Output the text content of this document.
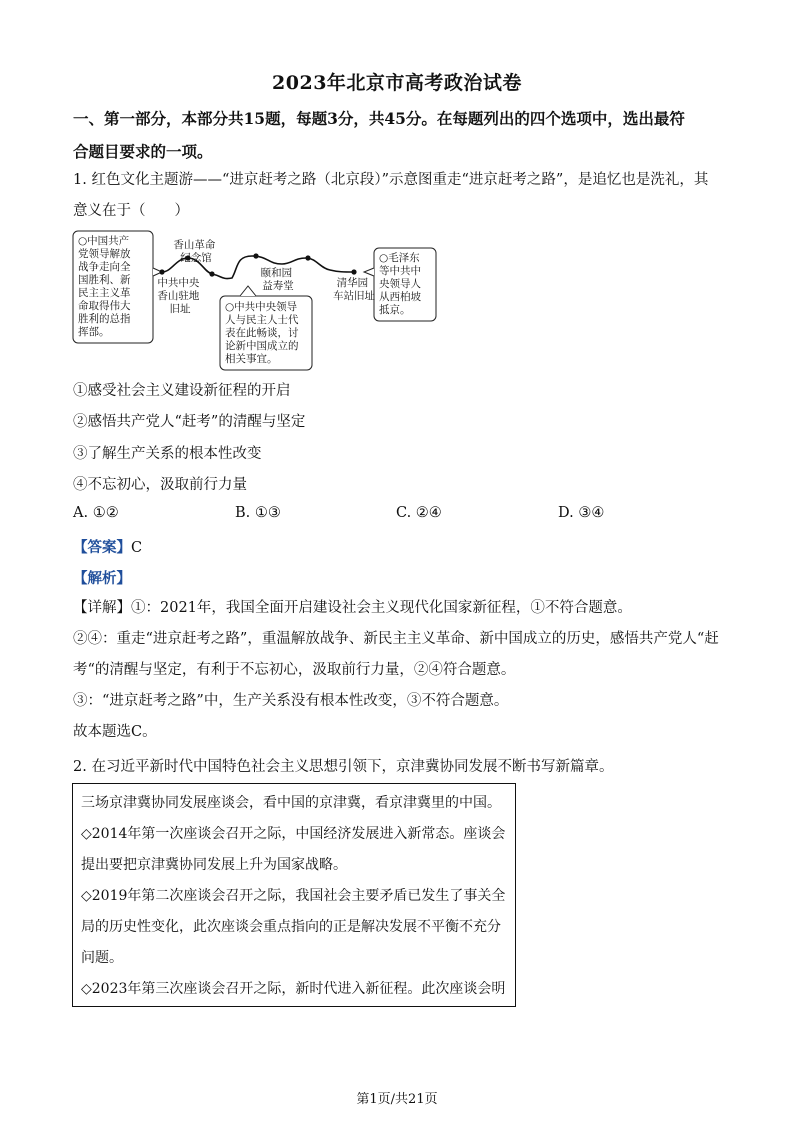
2023年北京市高考政治试卷
一、第一部分，本部分共15题，每题3分，共45分。在每题列出的四个选项中，选出最符
合题目要求的一项。
1. 红色文化主题游——“进京赶考之路（北京段）”示意图重走“进京赶考之路”，是追忆也是洗礼，其
意义在于（　　）
○中国共产 党领导解放 战争走向全 国胜利、新 民主主义革 命取得伟大 胜利的总指 挥部。
香山革命 纪念馆
中共中央 香山驻地 旧址
颐和园 益寿堂	清华园 车站旧址
○中共中央领导 人与民主人士代 表在此畅谈，讨 论新中国成立的 相关事宜。
○毛泽东 等中共中 央领导人 从西柏坡 抵京。
①感受社会主义建设新征程的开启
②感悟共产党人“赶考”的清醒与坚定
③了解生产关系的根本性改变
④不忘初心，汲取前行力量
A. ①②	B. ①③	C. ②④	D. ③④
【答案】C
【解析】
【详解】①：2021年，我国全面开启建设社会主义现代化国家新征程，①不符合题意。
②④：重走“进京赶考之路”，重温解放战争、新民主主义革命、新中国成立的历史，感悟共产党人“赶
考“的清醒与坚定，有利于不忘初心，汲取前行力量，②④符合题意。
③：“进京赶考之路”中，生产关系没有根本性改变，③不符合题意。
故本题选C。
2. 在习近平新时代中国特色社会主义思想引领下，京津冀协同发展不断书写新篇章。
三场京津冀协同发展座谈会，看中国的京津冀，看京津冀里的中国。
◇2014年第一次座谈会召开之际，中国经济发展进入新常态。座谈会
提出要把京津冀协同发展上升为国家战略。
◇2019年第二次座谈会召开之际，我国社会主要矛盾已发生了事关全
局的历史性变化，此次座谈会重点指向的正是解决发展不平衡不充分
问题。
◇2023年第三次座谈会召开之际，新时代进入新征程。此次座谈会明
第1页/共21页
